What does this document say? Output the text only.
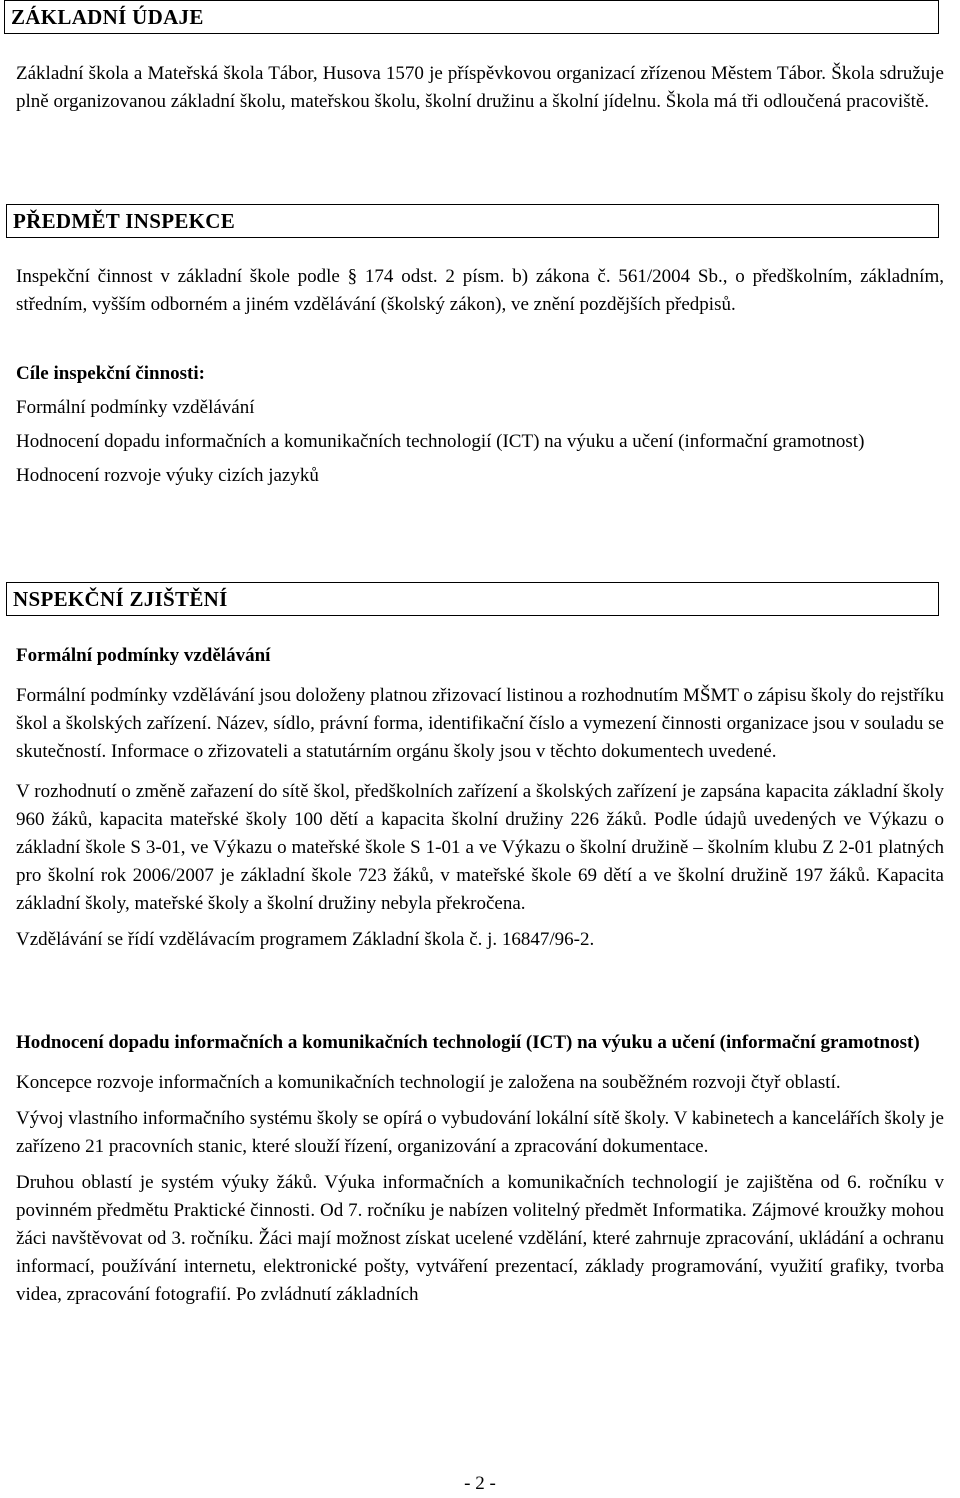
ZÁKLADNÍ ÚDAJE

Základní škola a Mateřská škola Tábor, Husova 1570 je příspěvkovou organizací zřízenou Městem Tábor. Škola sdružuje plně organizovanou základní školu, mateřskou školu, školní družinu a školní jídelnu. Škola má tři odloučená pracoviště.

PŘEDMĚT INSPEKCE

Inspekční činnost v základní škole podle § 174 odst. 2 písm. b) zákona č. 561/2004 Sb., o předškolním, základním, středním, vyšším odborném a jiném vzdělávání (školský zákon), ve znění pozdějších předpisů.

Cíle inspekční činnosti:

Formální podmínky vzdělávání

Hodnocení dopadu informačních a komunikačních technologií (ICT) na výuku a učení (informační gramotnost)

Hodnocení rozvoje výuky cizích jazyků

NSPEKČNÍ ZJIŠTĚNÍ

Formální podmínky vzdělávání

Formální podmínky vzdělávání jsou doloženy platnou zřizovací listinou a rozhodnutím MŠMT o zápisu školy do rejstříku škol a školských zařízení. Název, sídlo, právní forma, identifikační číslo a vymezení činnosti organizace jsou v souladu se skutečností. Informace o zřizovateli a statutárním orgánu školy jsou v těchto dokumentech uvedené.

V rozhodnutí o změně zařazení do sítě škol, předškolních zařízení a školských zařízení je zapsána kapacita základní školy 960 žáků, kapacita mateřské školy 100 dětí a kapacita školní družiny 226 žáků. Podle údajů uvedených ve Výkazu o základní škole S 3-01, ve Výkazu o mateřské škole S 1-01 a ve Výkazu o školní družině – školním klubu Z 2-01 platných pro školní rok 2006/2007 je základní škole 723 žáků, v mateřské škole 69 dětí a ve školní družině 197 žáků. Kapacita základní školy, mateřské školy a školní družiny nebyla překročena.

Vzdělávání se řídí vzdělávacím programem Základní škola č. j. 16847/96-2.

Hodnocení dopadu informačních a komunikačních technologií (ICT) na výuku a učení (informační gramotnost)

Koncepce rozvoje informačních a komunikačních technologií je založena na souběžném rozvoji čtyř oblastí.

Vývoj vlastního informačního systému školy se opírá o vybudování lokální sítě školy. V kabinetech a kancelářích školy je zařízeno 21 pracovních stanic, které slouží řízení, organizování a zpracování dokumentace.

Druhou oblastí je systém výuky žáků. Výuka informačních a komunikačních technologií je zajištěna od 6. ročníku v povinném předmětu Praktické činnosti. Od 7. ročníku je nabízen volitelný předmět Informatika. Zájmové kroužky mohou žáci navštěvovat od 3. ročníku. Žáci mají možnost získat ucelené vzdělání, které zahrnuje zpracování, ukládání a ochranu informací, používání internetu, elektronické pošty, vytváření prezentací, základy programování, využití grafiky, tvorba videa, zpracování fotografií. Po zvládnutí základních

- 2 -
